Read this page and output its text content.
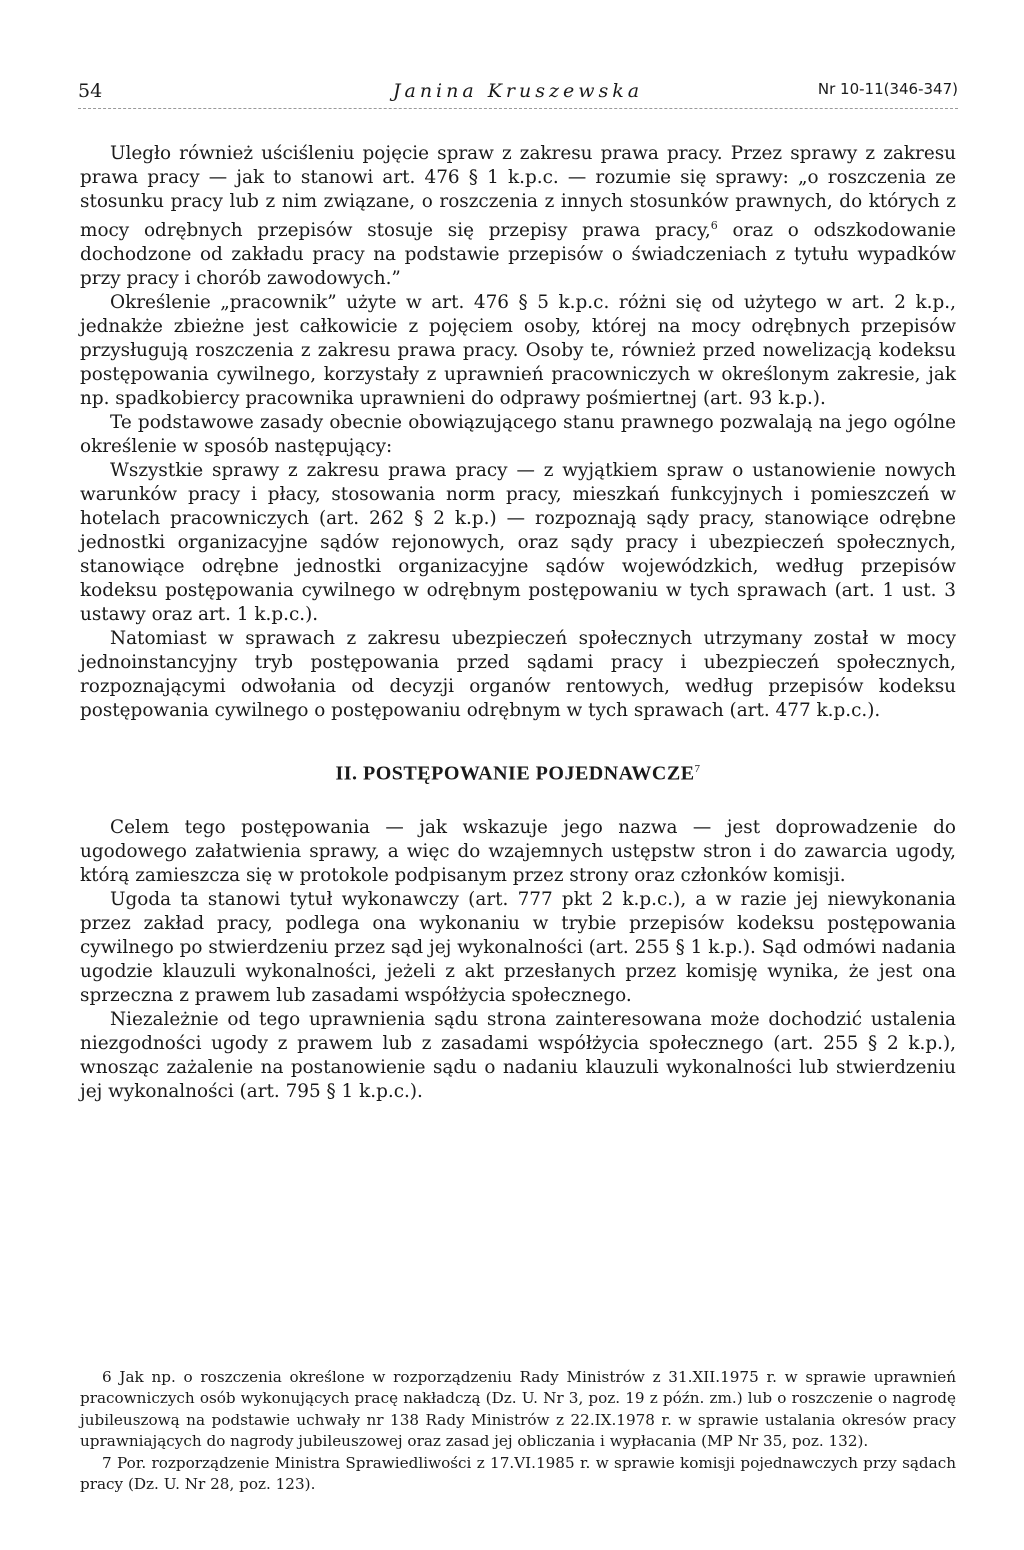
54	Janina Kruszewska	Nr 10-11(346-347)

Uległo również uściśleniu pojęcie spraw z zakresu prawa pracy. Przez sprawy z zakresu prawa pracy — jak to stanowi art. 476 § 1 k.p.c. — rozumie się sprawy: „o roszczenia ze stosunku pracy lub z nim związane, o roszczenia z innych stosunków prawnych, do których z mocy odrębnych przepisów stosuje się przepisy prawa pracy,$^6$ oraz o odszkodowanie dochodzone od zakładu pracy na podstawie przepisów o świadczeniach z tytułu wypadków przy pracy i chorób zawodowych.”

Określenie „pracownik” użyte w art. 476 § 5 k.p.c. różni się od użytego w art. 2 k.p., jednakże zbieżne jest całkowicie z pojęciem osoby, której na mocy odrębnych przepisów przysługują roszczenia z zakresu prawa pracy. Osoby te, również przed nowelizacją kodeksu postępowania cywilnego, korzystały z uprawnień pracowniczych w określonym zakresie, jak np. spadkobiercy pracownika uprawnieni do odprawy pośmiertnej (art. 93 k.p.).

Te podstawowe zasady obecnie obowiązującego stanu prawnego pozwalają na jego ogólne określenie w sposób następujący:

Wszystkie sprawy z zakresu prawa pracy — z wyjątkiem spraw o ustanowienie nowych warunków pracy i płacy, stosowania norm pracy, mieszkań funkcyjnych i pomieszczeń w hotelach pracowniczych (art. 262 § 2 k.p.) — rozpoznają sądy pracy, stanowiące odrębne jednostki organizacyjne sądów rejonowych, oraz sądy pracy i ubezpieczeń społecznych, stanowiące odrębne jednostki organizacyjne sądów wojewódzkich, według przepisów kodeksu postępowania cywilnego w odrębnym postępowaniu w tych sprawach (art. 1 ust. 3 ustawy oraz art. 1 k.p.c.).

Natomiast w sprawach z zakresu ubezpieczeń społecznych utrzymany został w mocy jednoinstancyjny tryb postępowania przed sądami pracy i ubezpieczeń społecznych, rozpoznającymi odwołania od decyzji organów rentowych, według przepisów kodeksu postępowania cywilnego o postępowaniu odrębnym w tych sprawach (art. 477 k.p.c.).

II. POSTĘPOWANIE POJEDNAWCZE$^7$

Celem tego postępowania — jak wskazuje jego nazwa — jest doprowadzenie do ugodowego załatwienia sprawy, a więc do wzajemnych ustępstw stron i do zawarcia ugody, którą zamieszcza się w protokole podpisanym przez strony oraz członków komisji.

Ugoda ta stanowi tytuł wykonawczy (art. 777 pkt 2 k.p.c.), a w razie jej niewykonania przez zakład pracy, podlega ona wykonaniu w trybie przepisów kodeksu postępowania cywilnego po stwierdzeniu przez sąd jej wykonalności (art. 255 § 1 k.p.). Sąd odmówi nadania ugodzie klauzuli wykonalności, jeżeli z akt przesłanych przez komisję wynika, że jest ona sprzeczna z prawem lub zasadami współżycia społecznego.

Niezależnie od tego uprawnienia sądu strona zainteresowana może dochodzić ustalenia niezgodności ugody z prawem lub z zasadami współżycia społecznego (art. 255 § 2 k.p.), wnosząc zażalenie na postanowienie sądu o nadaniu klauzuli wykonalności lub stwierdzeniu jej wykonalności (art. 795 § 1 k.p.c.).

6 Jak np. o roszczenia określone w rozporządzeniu Rady Ministrów z 31.XII.1975 r. w sprawie uprawnień pracowniczych osób wykonujących pracę nakładczą (Dz. U. Nr 3, poz. 19 z późn. zm.) lub o roszczenie o nagrodę jubileuszową na podstawie uchwały nr 138 Rady Ministrów z 22.IX.1978 r. w sprawie ustalania okresów pracy uprawniających do nagrody jubileuszowej oraz zasad jej obliczania i wypłacania (MP Nr 35, poz. 132).

7 Por. rozporządzenie Ministra Sprawiedliwości z 17.VI.1985 r. w sprawie komisji pojednawczych przy sądach pracy (Dz. U. Nr 28, poz. 123).
